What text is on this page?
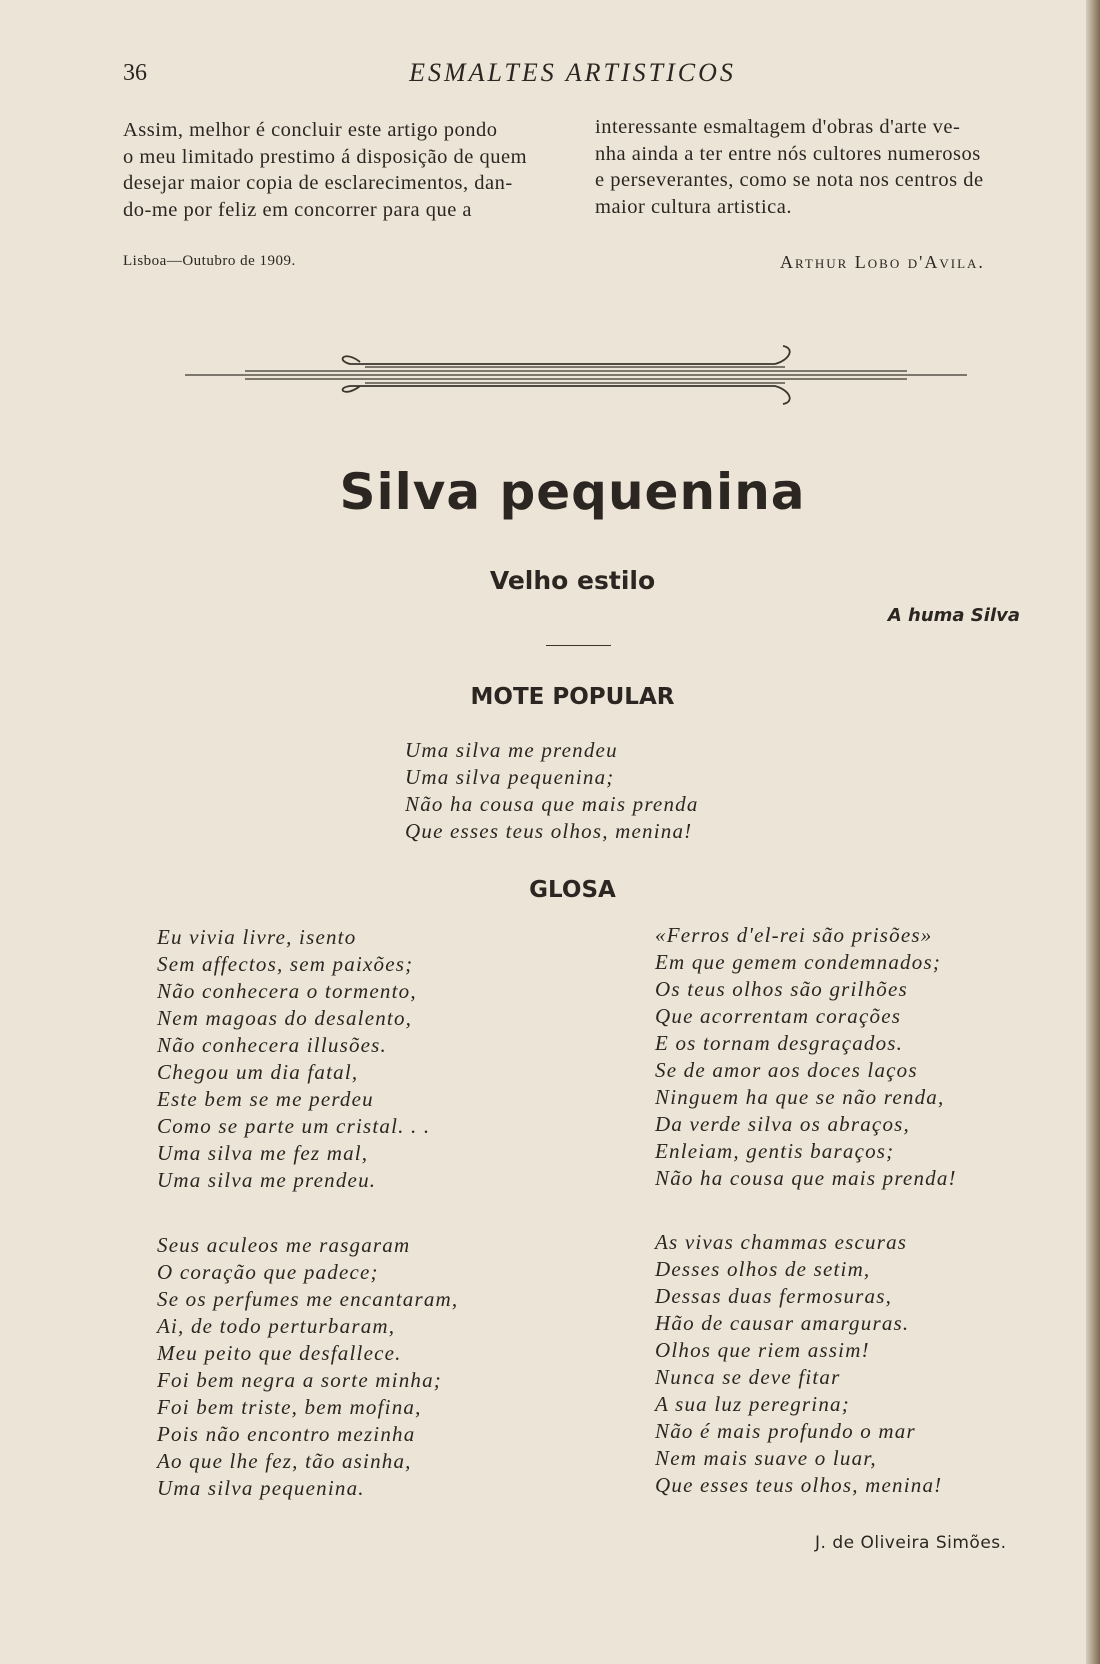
36	ESMALTES ARTISTICOS

Assim, melhor é concluir este artigo pondo
o meu limitado prestimo á disposição de quem
desejar maior copia de esclarecimentos, dan-
do-me por feliz em concorrer para que a
interessante esmaltagem d'obras d'arte ve-
nha ainda a ter entre nós cultores numerosos
e perseverantes, como se nota nos centros de
maior cultura artistica.

Lisboa—Outubro de 1909.	Arthur Lobo d'Avila.

Silva pequenina
Velho estilo

A huma Silva

MOTE POPULAR
Uma silva me prendeu
Uma silva pequenina;
Não ha cousa que mais prenda
Que esses teus olhos, menina!
GLOSA
Eu vivia livre, isento
Sem affectos, sem paixões;
Não conhecera o tormento,
Nem magoas do desalento,
Não conhecera illusões.
Chegou um dia fatal,
Este bem se me perdeu
Como se parte um cristal. . .
Uma silva me fez mal,
Uma silva me prendeu.
«Ferros d'el-rei são prisões»
Em que gemem condemnados;
Os teus olhos são grilhões
Que acorrentam corações
E os tornam desgraçados.
Se de amor aos doces laços
Ninguem ha que se não renda,
Da verde silva os abraços,
Enleiam, gentis baraços;
Não ha cousa que mais prenda!
Seus aculeos me rasgaram
O coração que padece;
Se os perfumes me encantaram,
Ai, de todo perturbaram,
Meu peito que desfallece.
Foi bem negra a sorte minha;
Foi bem triste, bem mofina,
Pois não encontro mezinha
Ao que lhe fez, tão asinha,
Uma silva pequenina.
As vivas chammas escuras
Desses olhos de setim,
Dessas duas fermosuras,
Hão de causar amarguras.
Olhos que riem assim!
Nunca se deve fitar
A sua luz peregrina;
Não é mais profundo o mar
Nem mais suave o luar,
Que esses teus olhos, menina!

J. de Oliveira Simões.
